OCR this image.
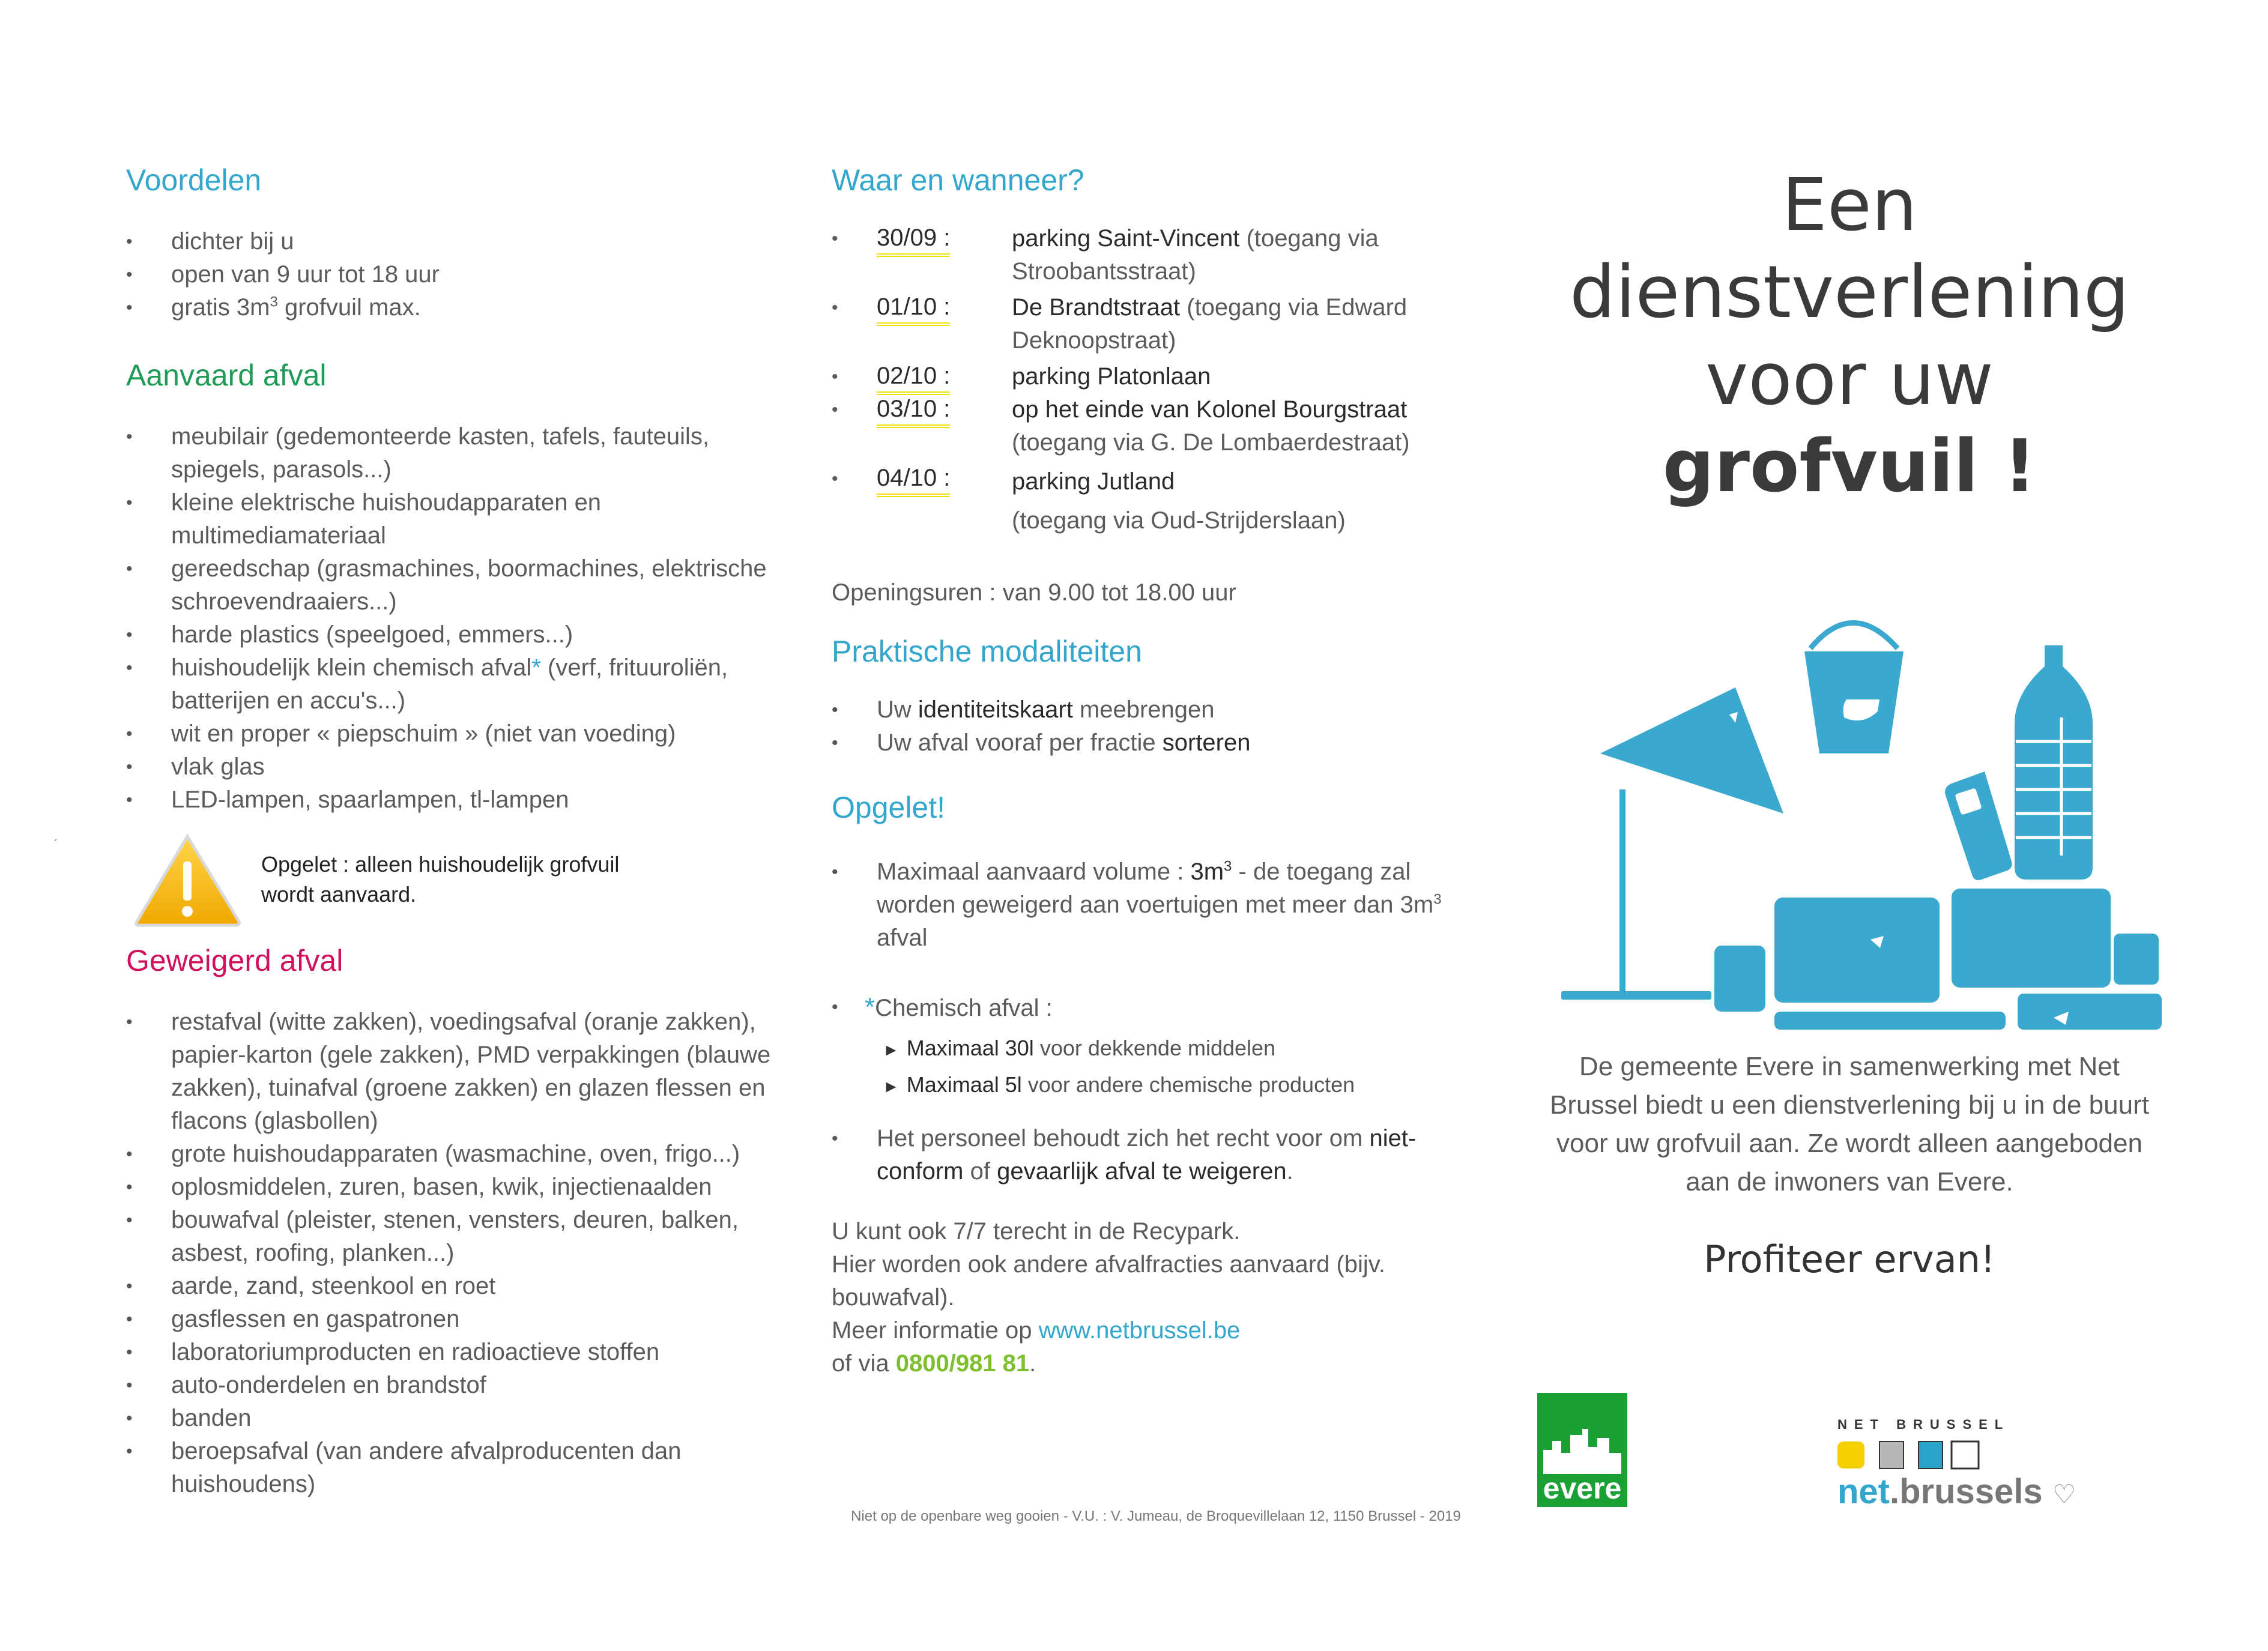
ˏ
Voordelen
• dichter bij u
• open van 9 uur tot 18 uur
• gratis $3m^3$ grofvuil max.
Aanvaard afval
• meubilair (gedemonteerde kasten, tafels, fauteuils, spiegels, parasols...)
• kleine elektrische huishoudapparaten en multimediamateriaal
• gereedschap (grasmachines, boormachines, elektrische schroevendraaiers...)
• harde plastics (speelgoed, emmers...)
• huishoudelijk klein chemisch afval* (verf, frituuroliën, batterijen en accu's...)
• wit en proper « piepschuim » (niet van voeding)
• vlak glas
• LED-lampen, spaarlampen, tl-lampen
Opgelet : alleen huishoudelijk grofvuil wordt aanvaard.
Geweigerd afval
• restafval (witte zakken), voedingsafval (oranje zakken), papier-karton (gele zakken), PMD verpakkingen (blauwe zakken), tuinafval (groene zakken) en glazen flessen en flacons (glasbollen)
• grote huishoudapparaten (wasmachine, oven, frigo...)
• oplosmiddelen, zuren, basen, kwik, injectienaalden
• bouwafval (pleister, stenen, vensters, deuren, balken, asbest, roofing, planken...)
• aarde, zand, steenkool en roet
• gasflessen en gaspatronen
• laboratoriumproducten en radioactieve stoffen
• auto-onderdelen en brandstof
• banden
• beroepsafval (van andere afvalproducenten dan huishoudens)
Waar en wanneer?
• 30/09 :	parking Saint-Vincent (toegang via Stroobantsstraat)
• 01/10 :	De Brandtstraat (toegang via Edward Deknoopstraat)
• 02/10 :	parking Platonlaan
• 03/10 :	op het einde van Kolonel Bourgstraat
(toegang via G. De Lombaerdestraat)
• 04/10 :	parking Jutland
(toegang via Oud-Strijderslaan)
Openingsuren : van 9.00 tot 18.00 uur
Praktische modaliteiten
• Uw identiteitskaart meebrengen
• Uw afval vooraf per fractie sorteren
Opgelet!
• Maximaal aanvaard volume : $3m^3$ - de toegang zal worden geweigerd aan voertuigen met meer dan $3m^3$ afval
• *Chemisch afval :
► Maximaal 30l voor dekkende middelen
► Maximaal 5l voor andere chemische producten
• Het personeel behoudt zich het recht voor om niet-conform of gevaarlijk afval te weigeren.
U kunt ook 7/7 terecht in de Recypark.
Hier worden ook andere afvalfracties aanvaard (bijv. bouwafval).
Meer informatie op www.netbrussel.be
of via 0800/981 81.
Niet op de openbare weg gooien - V.U. : V. Jumeau, de Broquevillelaan 12, 1150 Brussel - 2019
Een
dienstverlening
voor uw
grofvuil !
De gemeente Evere in samenwerking met Net Brussel biedt u een dienstverlening bij u in de buurt voor uw grofvuil aan. Ze wordt alleen aangeboden aan de inwoners van Evere.
Profiteer ervan!
evere
NET BRUSSEL
net.brussels ♡
